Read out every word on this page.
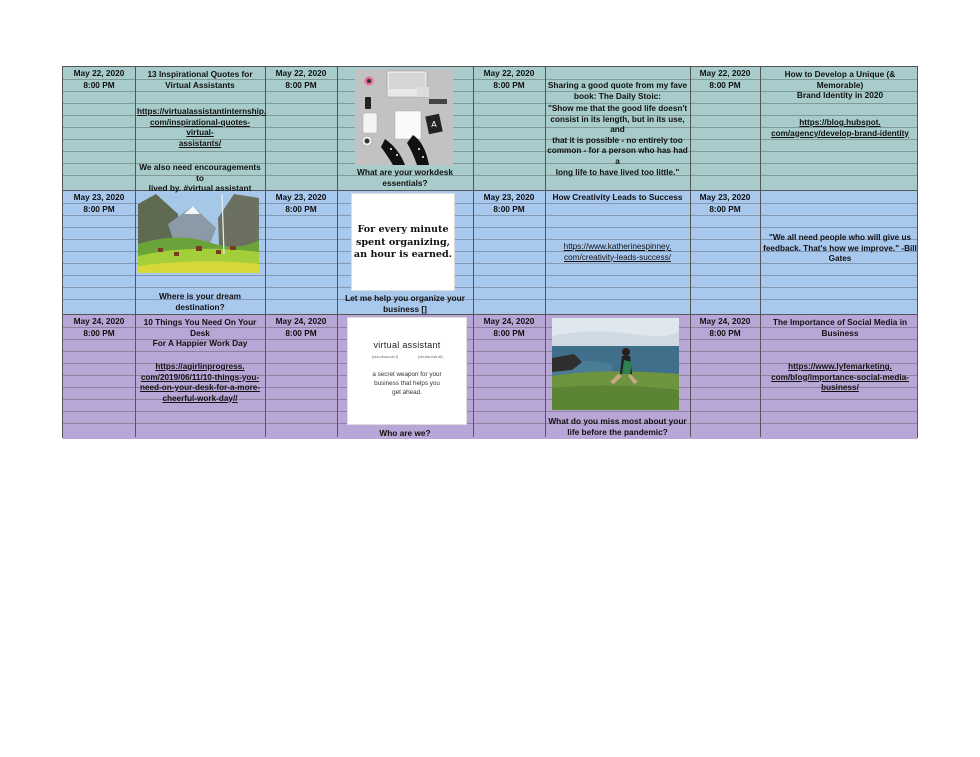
May 22, 2020
8:00 PM
13 Inspirational Quotes for Virtual Assistants
https://virtualassistantinternship.
com/inspirational-quotes-virtual-
assistants/
We also need encouragements to
lived by. #virtual assistant
May 22, 2020
8:00 PM
A
What are your workdesk
essentials?
May 22, 2020
8:00 PM	Sharing a good quote from my fave
book: The Daily Stoic:
"Show me that the good life doesn't
consist in its length, but in its use, and
that it is possible - no entirely too
common - for a person who has had a
long life to have lived too little."
May 22, 2020
8:00 PM
How to Develop a Unique (& Memorable)
Brand Identity in 2020
https://blog.hubspot.
com/agency/develop-brand-identity
May 23, 2020
8:00 PM
Where is your dream destination?
May 23, 2020
8:00 PM
For every minute
spent organizing,
an hour is earned.
Let me help you organize your
business []
May 23, 2020
8:00 PM
How Creativity Leads to Success
https://www.katherinespinney.
com/creativity-leads-success/
May 23, 2020
8:00 PM
"We all need people who will give us
feedback. That's how we improve." -Bill
Gates
May 24, 2020
8:00 PM
10 Things You Need On Your Desk
For A Happier Work Day
https://agirlinprogress.
com/2019/06/11/10-things-you-
need-on-your-desk-for-a-more-
cheerful-work-day//
May 24, 2020
8:00 PM
virtual assistant
(vur-choo-uh l)	(uh-sis-tuh nt)
a secret weapon for your
business that helps you
get ahead.
Who are we?
May 24, 2020
8:00 PM
What do you miss most about your
life before the pandemic?
May 24, 2020
8:00 PM
The Importance of Social Media in
Business
https://www.lyfemarketing.
com/blog/importance-social-media-
business/
